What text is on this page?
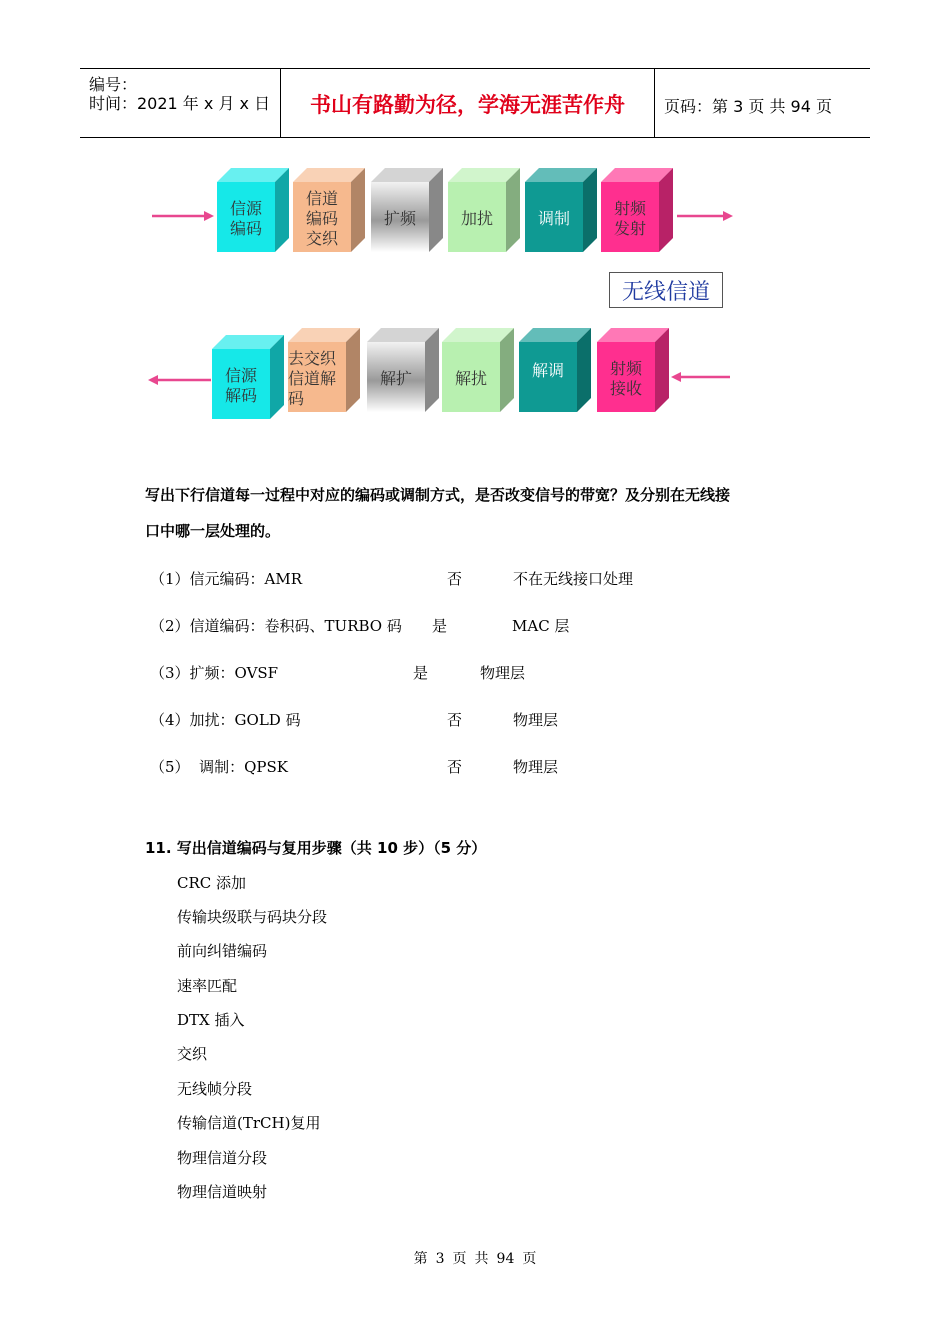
编号：
时间：2021 年 x 月 x 日	书山有路勤为径，学海无涯苦作舟	页码：第 3 页 共 94 页
信源
编码
信道
编码
交织
扩频	加扰	调制
射频
发射
无线信道
信源
解码
去交织
信道解
码
解扩	解扰	解调	射频
接收
写出下行信道每一过程中对应的编码或调制方式，是否改变信号的带宽？及分别在无线接
口中哪一层处理的。
（1）信元编码：AMR	否	不在无线接口处理
（2）信道编码：卷积码、TURBO 码 是	MAC 层
（3）扩频：OVSF	是	物理层
（4）加扰：GOLD 码	否	物理层
（5）  调制：QPSK	否	物理层
11. 写出信道编码与复用步骤（共 10 步）（5 分）
CRC 添加
传输块级联与码块分段
前向纠错编码
速率匹配
DTX 插入
交织
无线帧分段
传输信道(TrCH)复用
物理信道分段
物理信道映射
第 3 页 共 94 页
